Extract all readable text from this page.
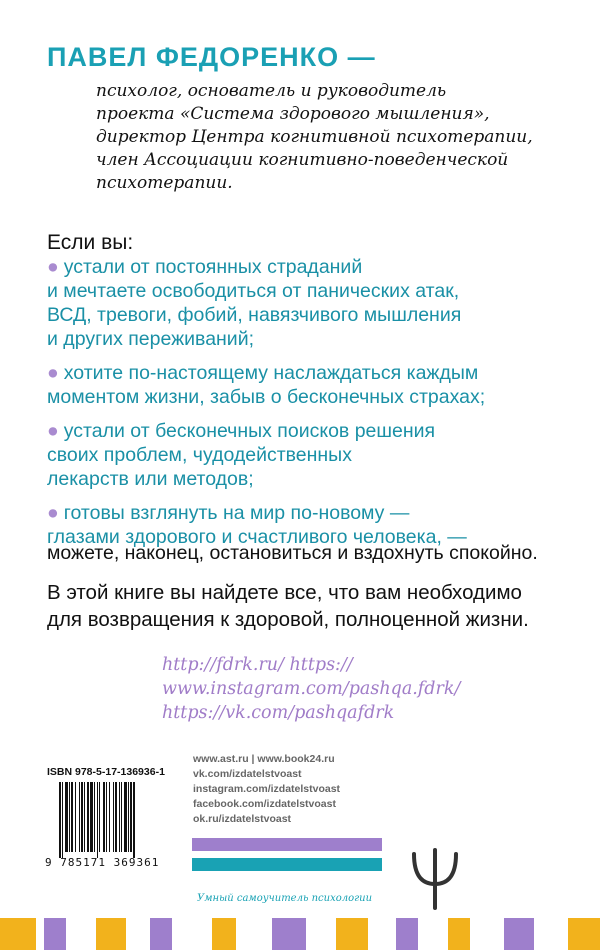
ПАВЕЛ ФЕДОРЕНКО —
психолог, основатель и руководитель
проекта «Система здорового мышления»,
директор Центра когнитивной психотерапии,
член Ассоциации когнитивно-поведенческой
психотерапии.
Если вы:
● устали от постоянных страданий
и мечтаете освободиться от панических атак,
ВСД, тревоги, фобий, навязчивого мышления
и других переживаний;
● хотите по-настоящему наслаждаться каждым
моментом жизни, забыв о бесконечных страхах;
● устали от бесконечных поисков решения
своих проблем, чудодейственных
лекарств или методов;
● готовы взглянуть на мир по-новому —
глазами здорового и счастливого человека, —
можете, наконец, остановиться и вздохнуть спокойно.
В этой книге вы найдете все, что вам необходимо
для возвращения к здоровой, полноценной жизни.
http://fdrk.ru/ https://
www.instagram.com/pashqa.fdrk/
https://vk.com/pashqafdrk
ISBN 978-5-17-136936-1
9 785171 369361
www.ast.ru | www.book24.ru
vk.com/izdatelstvoast
instagram.com/izdatelstvoast
facebook.com/izdatelstvoast
ok.ru/izdatelstvoast
Умный самоучитель психологии
